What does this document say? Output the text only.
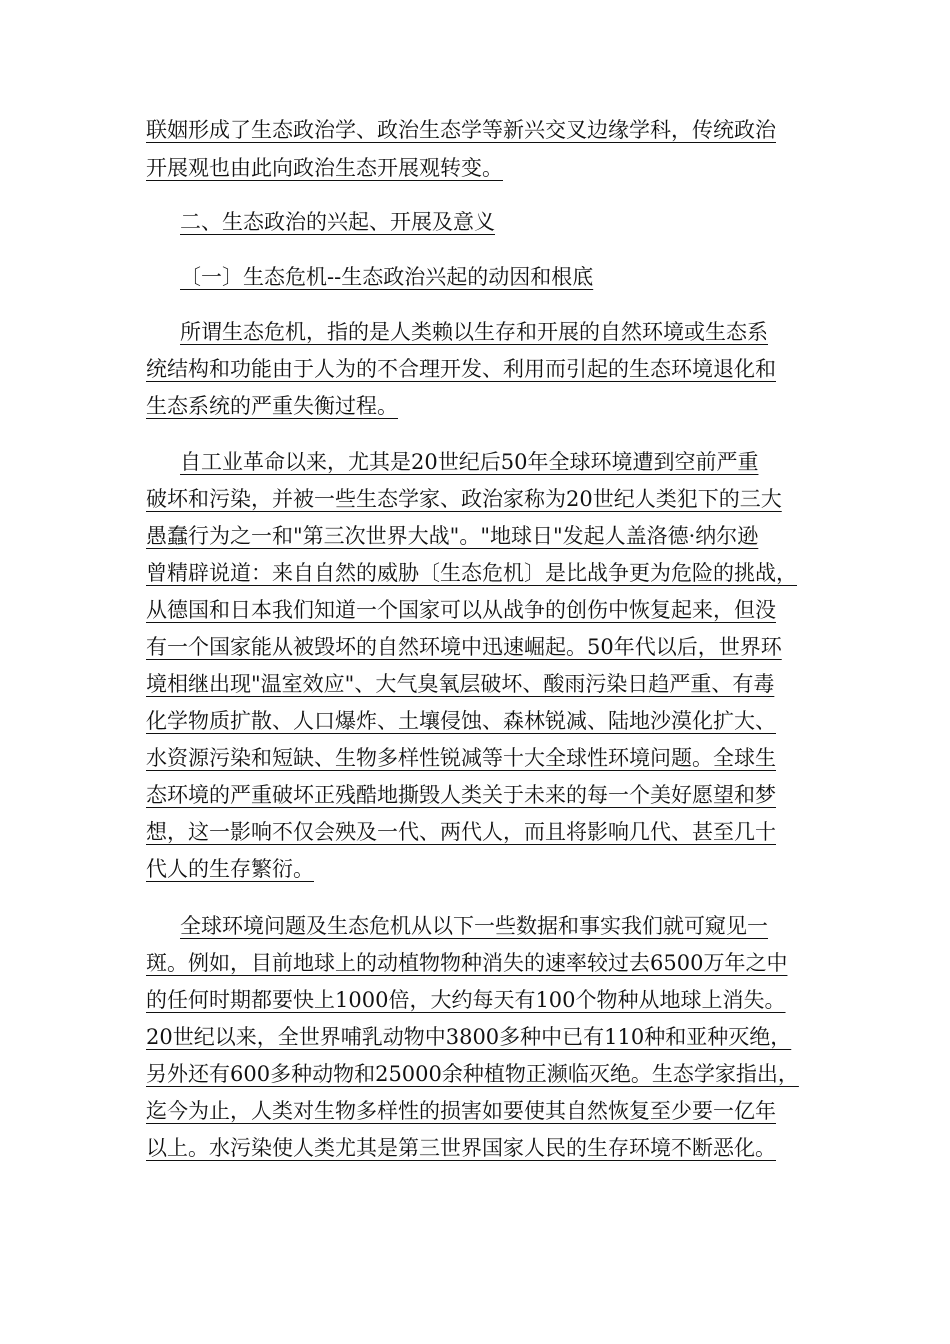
联姻形成了生态政治学、政治生态学等新兴交叉边缘学科，传统政治
开展观也由此向政治生态开展观转变。
二、生态政治的兴起、开展及意义
〔一〕生态危机--生态政治兴起的动因和根底
所谓生态危机，指的是人类赖以生存和开展的自然环境或生态系
统结构和功能由于人为的不合理开发、利用而引起的生态环境退化和
生态系统的严重失衡过程。
自工业革命以来，尤其是20世纪后50年全球环境遭到空前严重
破坏和污染，并被一些生态学家、政治家称为20世纪人类犯下的三大
愚蠢行为之一和"第三次世界大战"。"地球日"发起人盖洛德·纳尔逊
曾精辟说道：来自自然的威胁〔生态危机〕是比战争更为危险的挑战，
从德国和日本我们知道一个国家可以从战争的创伤中恢复起来，但没
有一个国家能从被毁坏的自然环境中迅速崛起。50年代以后，世界环
境相继出现"温室效应"、大气臭氧层破坏、酸雨污染日趋严重、有毒
化学物质扩散、人口爆炸、土壤侵蚀、森林锐减、陆地沙漠化扩大、
水资源污染和短缺、生物多样性锐减等十大全球性环境问题。全球生
态环境的严重破坏正残酷地撕毁人类关于未来的每一个美好愿望和梦
想，这一影响不仅会殃及一代、两代人，而且将影响几代、甚至几十
代人的生存繁衍。
全球环境问题及生态危机从以下一些数据和事实我们就可窥见一
斑。例如，目前地球上的动植物物种消失的速率较过去6500万年之中
的任何时期都要快上1000倍，大约每天有100个物种从地球上消失。
20世纪以来，全世界哺乳动物中3800多种中已有110种和亚种灭绝，
另外还有600多种动物和25000余种植物正濒临灭绝。生态学家指出，
迄今为止，人类对生物多样性的损害如要使其自然恢复至少要一亿年
以上。水污染使人类尤其是第三世界国家人民的生存环境不断恶化。
